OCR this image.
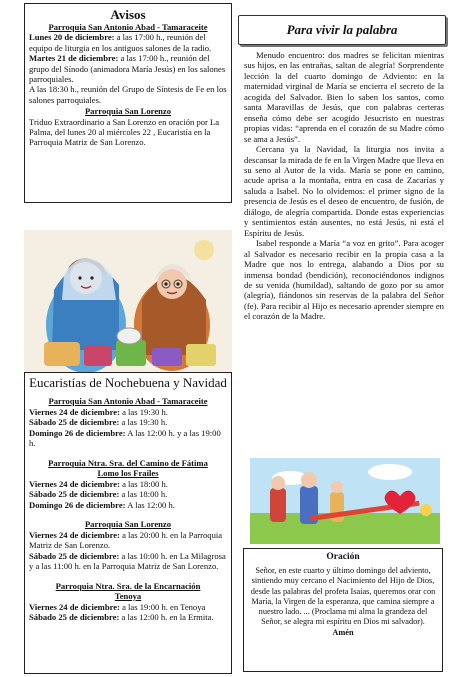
Avisos

Parroquia San Antonio Abad - Tamaraceite

Lunes 20 de diciembre: a las 17:00 h., reunión del equipo de liturgia en los antiguos salones de la radio.

Martes 21 de diciembre: a las 17:00 h., reunión del grupo del Sínodo (animadora María Jesús) en los salones parroquiales.

A las 18:30 h., reunión del Grupo de Síntesis de Fe en los salones parroquiales.

Parroquia San Lorenzo

Triduo Extraordinario a San Lorenzo en oración por La Palma, del lunes 20 al miércoles 22 , Eucaristía en la Parroquia Matriz de San Lorenzo.

Eucaristías de Nochebuena y Navidad

Parroquia San Antonio Abad - Tamaraceite

Viernes 24 de diciembre: a las 19:30 h.

Sábado 25 de diciembre: a las 19:30 h.

Domingo 26 de diciembre: A las 12:00 h. y a las 19:00 h.

Parroquia Ntra. Sra. del Camino de Fátima

Lomo los Frailes

Viernes 24 de diciembre: a las 18:00 h.

Sábado 25 de diciembre: a las 18:00 h.

Domingo 26 de diciembre: A las 12:00 h.

Parroquia San Lorenzo

Viernes 24 de diciembre: a las 20:00 h. en la Parroquia Matriz de San Lorenzo.

Sábado 25 de diciembre: a las 10:00 h. en La Milagrosa y a las 11:00 h. en la Parroquia Matriz de San Lorenzo.

Parroquia Ntra. Sra. de la Encarnación

Tenoya

Viernes 24 de diciembre: a las 19:00 h. en Tenoya

Sábado 25 de diciembre: a las 12:00 h. en la Ermita.

Para vivir la palabra

Menudo encuentro: dos madres se felicitan mientras sus hijos, en las entrañas, saltan de alegría! Sorprendente lección la del cuarto domingo de Adviento: en la maternidad virginal de María se encierra el secreto de la acogida del Salvador. Bien lo saben los santos, como santa Maravillas de Jesús, que con palabras certeras enseña cómo debe ser acogido Jesucristo en nuestras propias vidas: “aprenda en el corazón de su Madre cómo se ama a Jesús”.

Cercana ya la Navidad, la liturgia nos invita a descansar la mirada de fe en la Virgen Madre que lleva en su seno al Autor de la vida. María se pone en camino, acude aprisa a la montaña, entra en casa de Zacarías y saluda a Isabel. No lo olvidemos: el primer signo de la presencia de Jesús es el deseo de encuentro, de fusión, de diálogo, de alegría compartida. Donde estas experiencias y sentimientos están ausentes, no está Jesús, ni está el Espíritu de Jesús.

Isabel responde a María “a voz en grito”. Para acoger al Salvador es necesario recibir en la propia casa a la Madre que nos lo entrega, alabando a Dios por su inmensa bondad (bendición), reconociéndonos indignos de su venida (humildad), saltando de gozo por su amor (alegría), fiándonos sin reservas de la palabra del Señor (fe). Para recibir al Hijo es necesario aprender siempre en el corazón de la Madre.

Oración

Señor, en este cuarto y último domingo del adviento, sintiendo muy cercano el Nacimiento del Hijo de Dios, desde las palabras del profeta Isaías, queremos orar con María, la Virgen de la esperanza, que camina siempre a nuestro lado. ... (Proclama mi alma la grandeza del Señor, se alegra mi espíritu en Dios mi salvador).

Amén
